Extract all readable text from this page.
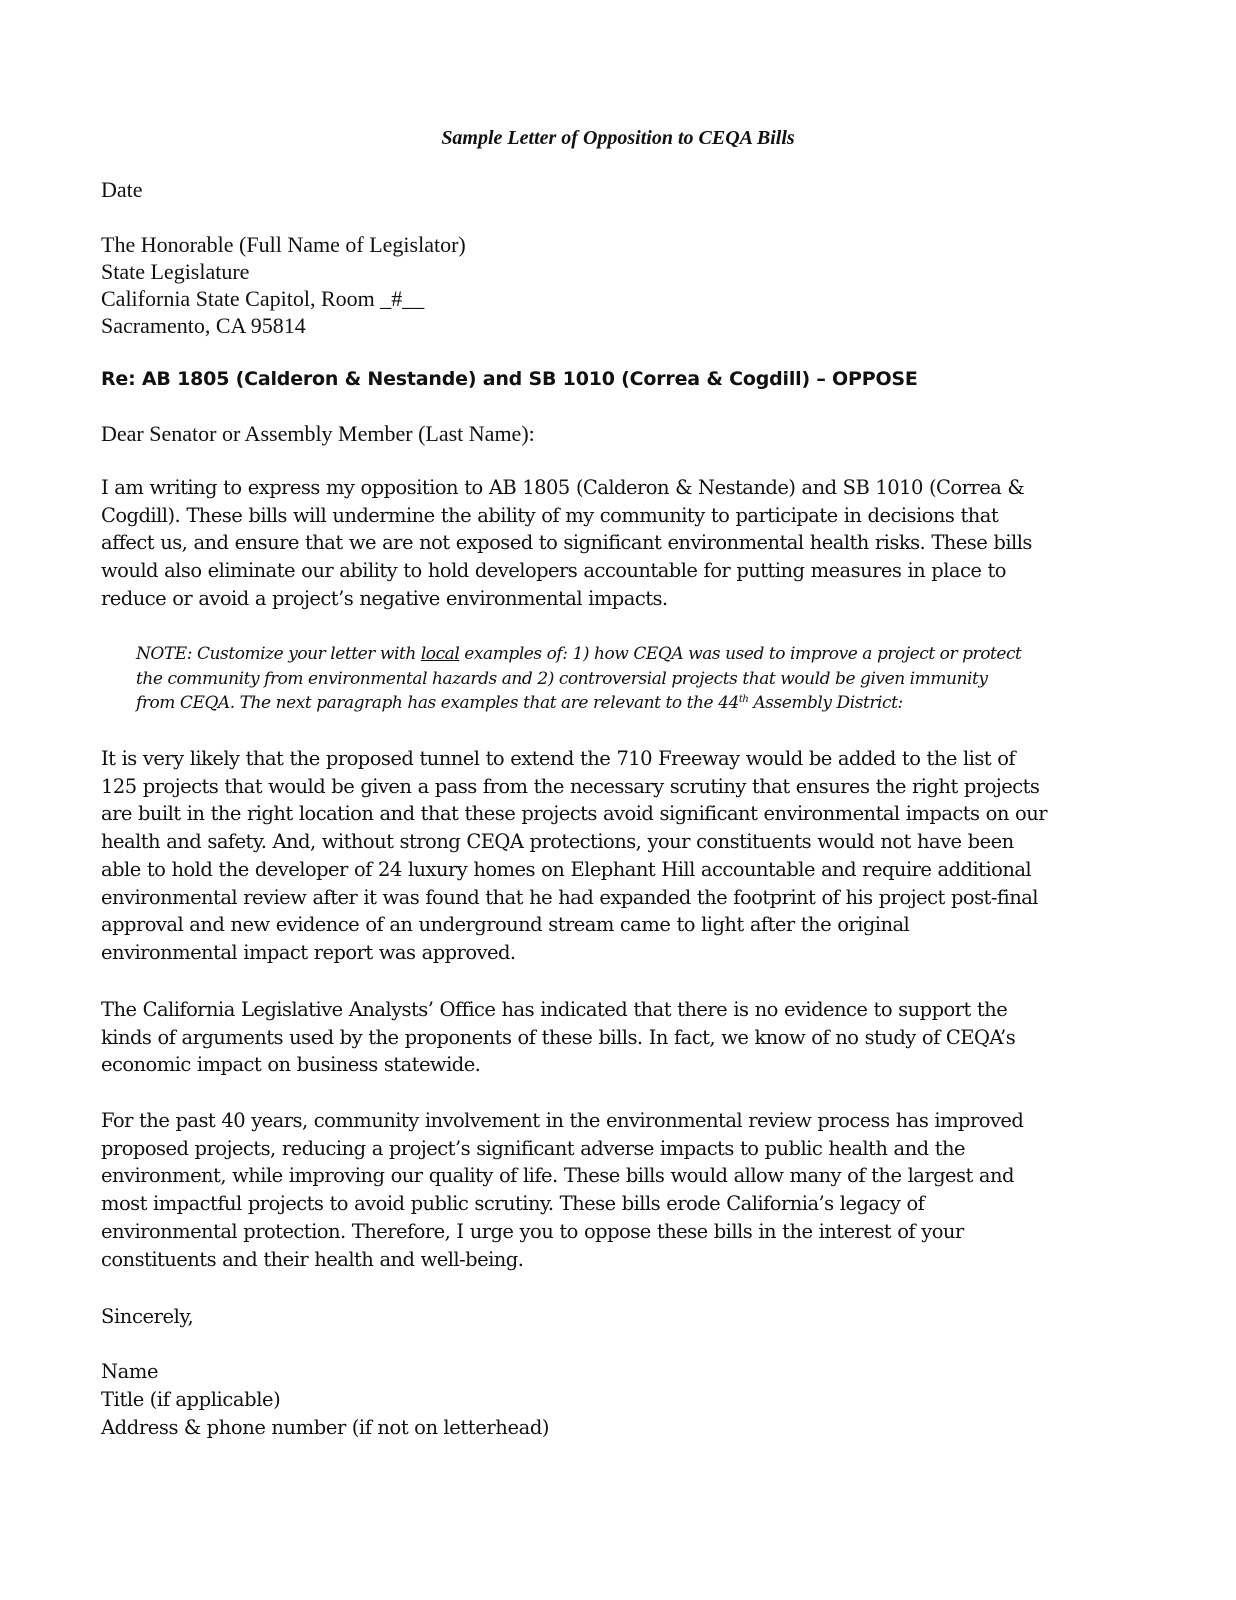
Sample Letter of Opposition to CEQA Bills
Date
The Honorable (Full Name of Legislator)
State Legislature
California State Capitol, Room _#__
Sacramento, CA 95814
Re: AB 1805 (Calderon & Nestande) and SB 1010 (Correa & Cogdill) – OPPOSE
Dear Senator or Assembly Member (Last Name):
I am writing to express my opposition to AB 1805 (Calderon & Nestande) and SB 1010 (Correa &
Cogdill). These bills will undermine the ability of my community to participate in decisions that
affect us, and ensure that we are not exposed to significant environmental health risks. These bills
would also eliminate our ability to hold developers accountable for putting measures in place to
reduce or avoid a project’s negative environmental impacts.
NOTE: Customize your letter with local examples of: 1) how CEQA was used to improve a project or protect
the community from environmental hazards and 2) controversial projects that would be given immunity
from CEQA. The next paragraph has examples that are relevant to the 44th Assembly District:
It is very likely that the proposed tunnel to extend the 710 Freeway would be added to the list of
125 projects that would be given a pass from the necessary scrutiny that ensures the right projects
are built in the right location and that these projects avoid significant environmental impacts on our
health and safety. And, without strong CEQA protections, your constituents would not have been
able to hold the developer of 24 luxury homes on Elephant Hill accountable and require additional
environmental review after it was found that he had expanded the footprint of his project post-final
approval and new evidence of an underground stream came to light after the original
environmental impact report was approved.
The California Legislative Analysts’ Office has indicated that there is no evidence to support the
kinds of arguments used by the proponents of these bills. In fact, we know of no study of CEQA’s
economic impact on business statewide.
For the past 40 years, community involvement in the environmental review process has improved
proposed projects, reducing a project’s significant adverse impacts to public health and the
environment, while improving our quality of life. These bills would allow many of the largest and
most impactful projects to avoid public scrutiny. These bills erode California’s legacy of
environmental protection. Therefore, I urge you to oppose these bills in the interest of your
constituents and their health and well-being.
Sincerely,
Name
Title (if applicable)
Address & phone number (if not on letterhead)
